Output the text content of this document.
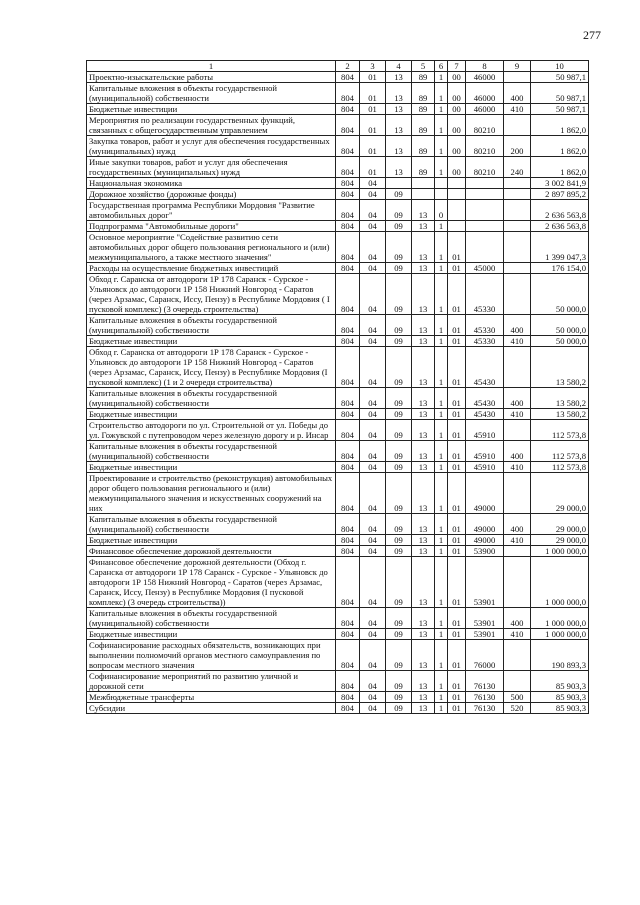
277
1	2	3	4	5	6	7	8	9	10
Проектно-изыскательские работы	804	01	13	89	1	00	46000		50 987,1
Капитальные вложения в объекты государственной (муниципальной) собственности	804	01	13	89	1	00	46000	400	50 987,1
Бюджетные инвестиции	804	01	13	89	1	00	46000	410	50 987,1
Мероприятия по реализации государственных функций, связанных с общегосударственным управлением	804	01	13	89	1	00	80210		1 862,0
Закупка товаров, работ и услуг для обеспечения государственных (муниципальных) нужд	804	01	13	89	1	00	80210	200	1 862,0
Иные закупки товаров, работ и услуг для обеспечения государственных (муниципальных) нужд	804	01	13	89	1	00	80210	240	1 862,0
Национальная экономика	804	04							3 002 841,9
Дорожное хозяйство (дорожные фонды)	804	04	09						2 897 895,2
Государственная программа Республики Мордовия "Развитие автомобильных дорог"	804	04	09	13	0				2 636 563,8
Подпрограмма "Автомобильные дороги"	804	04	09	13	1				2 636 563,8
Основное мероприятие "Содействие развитию сети автомобильных дорог общего пользования регионального и (или) межмуниципального, а также местного значения"	804	04	09	13	1	01			1 399 047,3
Расходы на осуществление бюджетных инвестиций	804	04	09	13	1	01	45000		176 154,0
Обход г. Саранска от автодороги 1Р 178 Саранск - Сурское - Ульяновск до автодороги 1Р 158 Нижний Новгород - Саратов (через Арзамас, Саранск, Иссу, Пензу) в Республике Мордовия ( I пусковой комплекс) (3 очередь строительства)	804	04	09	13	1	01	45330		50 000,0
Капитальные вложения в объекты государственной (муниципальной) собственности	804	04	09	13	1	01	45330	400	50 000,0
Бюджетные инвестиции	804	04	09	13	1	01	45330	410	50 000,0
Обход г. Саранска от автодороги 1Р 178 Саранск - Сурское - Ульяновск до автодороги 1Р 158 Нижний Новгород - Саратов (через Арзамас, Саранск, Иссу, Пензу) в Республике Мордовия (I пусковой комплекс) (1 и 2 очереди строительства)	804	04	09	13	1	01	45430		13 580,2
Капитальные вложения в объекты государственной (муниципальной) собственности	804	04	09	13	1	01	45430	400	13 580,2
Бюджетные инвестиции	804	04	09	13	1	01	45430	410	13 580,2
Строительство автодороги по ул. Строительной от ул. Победы до ул. Гожувской с путепроводом через железную дорогу и р. Инсар	804	04	09	13	1	01	45910		112 573,8
Капитальные вложения в объекты государственной (муниципальной) собственности	804	04	09	13	1	01	45910	400	112 573,8
Бюджетные инвестиции	804	04	09	13	1	01	45910	410	112 573,8
Проектирование и строительство (реконструкция) автомобильных дорог общего пользования регионального и (или) межмуниципального значения и искусственных сооружений на них	804	04	09	13	1	01	49000		29 000,0
Капитальные вложения в объекты государственной (муниципальной) собственности	804	04	09	13	1	01	49000	400	29 000,0
Бюджетные инвестиции	804	04	09	13	1	01	49000	410	29 000,0
Финансовое обеспечение дорожной деятельности	804	04	09	13	1	01	53900		1 000 000,0
Финансовое обеспечение дорожной деятельности (Обход г. Саранска от автодороги 1Р 178 Саранск - Сурское - Ульяновск до автодороги 1Р 158 Нижний Новгород - Саратов (через Арзамас, Саранск, Иссу, Пензу) в Республике Мордовия (I пусковой комплекс) (3 очередь строительства))	804	04	09	13	1	01	53901		1 000 000,0
Капитальные вложения в объекты государственной (муниципальной) собственности	804	04	09	13	1	01	53901	400	1 000 000,0
Бюджетные инвестиции	804	04	09	13	1	01	53901	410	1 000 000,0
Софинансирование расходных обязательств, возникающих при выполнении полномочий органов местного самоуправления по вопросам местного значения	804	04	09	13	1	01	76000		190 893,3
Софинансирование мероприятий по развитию уличной и дорожной сети	804	04	09	13	1	01	76130		85 903,3
Межбюджетные трансферты	804	04	09	13	1	01	76130	500	85 903,3
Субсидии	804	04	09	13	1	01	76130	520	85 903,3
